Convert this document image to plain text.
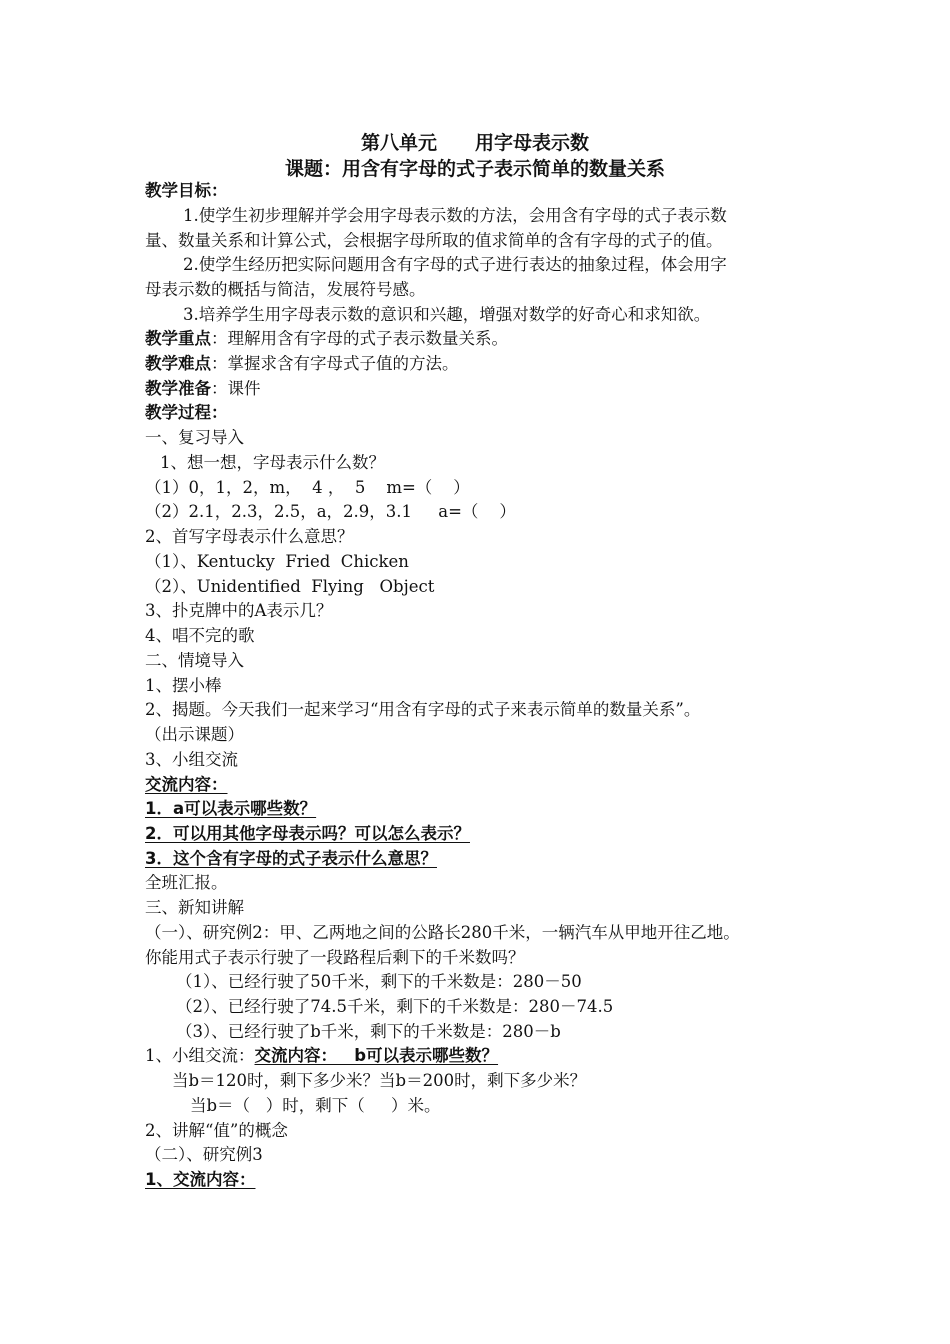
第八单元　　用字母表示数
课题：用含有字母的式子表示简单的数量关系
教学目标：
1.使学生初步理解并学会用字母表示数的方法，会用含有字母的式子表示数
量、数量关系和计算公式，会根据字母所取的值求简单的含有字母的式子的值。
2.使学生经历把实际问题用含有字母的式子进行表达的抽象过程，体会用字
母表示数的概括与简洁，发展符号感。
3.培养学生用字母表示数的意识和兴趣，增强对数学的好奇心和求知欲。
教学重点：理解用含有字母的式子表示数量关系。
教学难点：掌握求含有字母式子值的方法。
教学准备：课件
教学过程：
一、复习导入
1、想一想，字母表示什么数？
（1）0，1，2，m，  4 ，  5    m=（    ）
（2）2.1，2.3，2.5，a，2.9，3.1     a=（    ）
2、首写字母表示什么意思？
（1）、Kentucky  Fried  Chicken
（2）、Unidentified  Flying   Object
3、扑克牌中的A表示几？
4、唱不完的歌
二、情境导入
1、摆小棒
2、揭题。今天我们一起来学习“用含有字母的式子来表示简单的数量关系”。
（出示课题）
3、小组交流
交流内容：
1．a可以表示哪些数？
2．可以用其他字母表示吗？可以怎么表示？
3．这个含有字母的式子表示什么意思？
全班汇报。
三、新知讲解
（一）、研究例2：甲、乙两地之间的公路长280千米，一辆汽车从甲地开往乙地。
你能用式子表示行驶了一段路程后剩下的千米数吗？
（1）、已经行驶了50千米，剩下的千米数是：280－50
（2）、已经行驶了74.5千米，剩下的千米数是：280－74.5
（3）、已经行驶了b千米，剩下的千米数是：280－b
1、小组交流：交流内容：   b可以表示哪些数？
当b＝120时，剩下多少米？当b＝200时，剩下多少米？
当b＝（   ）时，剩下（     ）米。
2、讲解“值”的概念
（二）、研究例3
1、交流内容：
